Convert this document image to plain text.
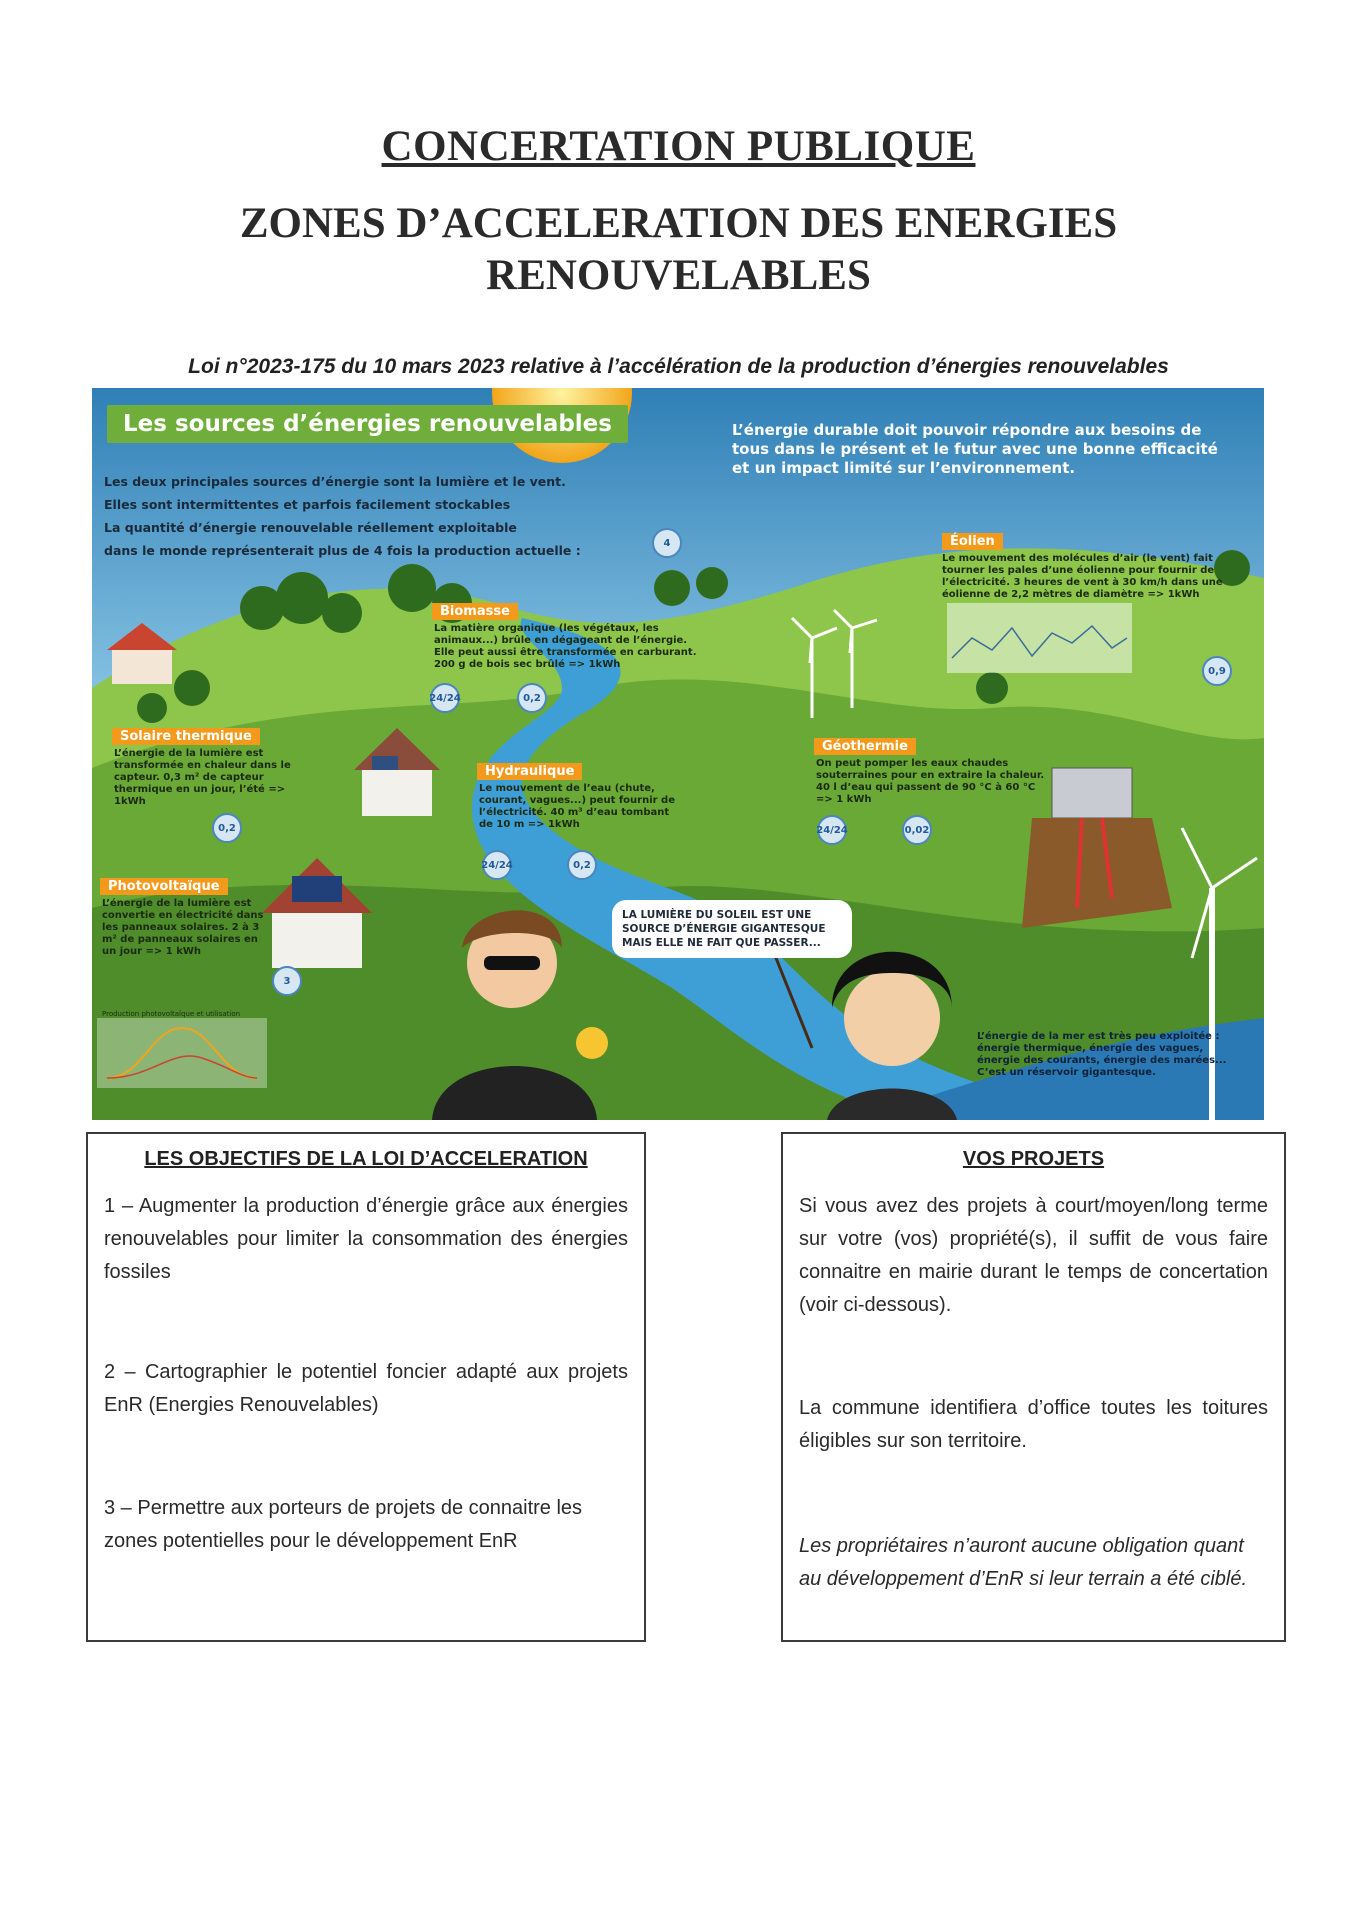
CONCERTATION PUBLIQUE
ZONES D’ACCELERATION DES ENERGIES RENOUVELABLES
Loi n°2023-175 du 10 mars 2023 relative à l’accélération de la production d’énergies renouvelables
Les sources d’énergies renouvelables
Les deux principales sources d’énergie sont la lumière et le vent.
Elles sont intermittentes et parfois facilement stockables
La quantité d’énergie renouvelable réellement exploitable
dans le monde représenterait plus de 4 fois la production actuelle :	4
L’énergie durable doit pouvoir répondre aux besoins de tous dans le présent et le futur avec une bonne efficacité et un impact limité sur l’environnement.
Éolien
Le mouvement des molécules d’air (le vent) fait tourner les pales d’une éolienne pour fournir de l’électricité. 3 heures de vent à 30 km/h dans une éolienne de 2,2 mètres de diamètre => 1kWh
0,9
Biomasse
La matière organique (les végétaux, les animaux...) brûle en dégageant de l’énergie. Elle peut aussi être transformée en carburant. 200 g de bois sec brûlé => 1kWh
24/24	0,2
Solaire thermique
L’énergie de la lumière est transformée en chaleur dans le capteur. 0,3 m² de capteur thermique en un jour, l’été => 1kWh
0,2
Hydraulique
Le mouvement de l’eau (chute, courant, vagues...) peut fournir de l’électricité. 40 m³ d’eau tombant de 10 m => 1kWh
24/24	0,2
Géothermie
On peut pomper les eaux chaudes souterraines pour en extraire la chaleur. 40 l d’eau qui passent de 90 °C à 60 °C => 1 kWh
24/24	0,02
Photovoltaïque
L’énergie de la lumière est convertie en électricité dans les panneaux solaires. 2 à 3 m² de panneaux solaires en un jour => 1 kWh
3
Production photovoltaïque et utilisation
LA LUMIÈRE DU SOLEIL EST UNE SOURCE D’ÉNERGIE GIGANTESQUE MAIS ELLE NE FAIT QUE PASSER...
L’énergie de la mer est très peu exploitée : énergie thermique, énergie des vagues, énergie des courants, énergie des marées... C’est un réservoir gigantesque.
LES OBJECTIFS DE LA LOI D’ACCELERATION
1 – Augmenter la production d’énergie grâce aux énergies renouvelables pour limiter la consommation des énergies fossiles
2 – Cartographier le potentiel foncier adapté aux projets EnR (Energies Renouvelables)
3 – Permettre aux porteurs de projets de connaitre les zones potentielles pour le développement EnR
VOS PROJETS
Si vous avez des projets à court/moyen/long terme sur votre (vos) propriété(s), il suffit de vous faire connaitre en mairie durant le temps de concertation (voir ci-dessous).
La commune identifiera d’office toutes les toitures éligibles sur son territoire.
Les propriétaires n’auront aucune obligation quant au développement d’EnR si leur terrain a été ciblé.
